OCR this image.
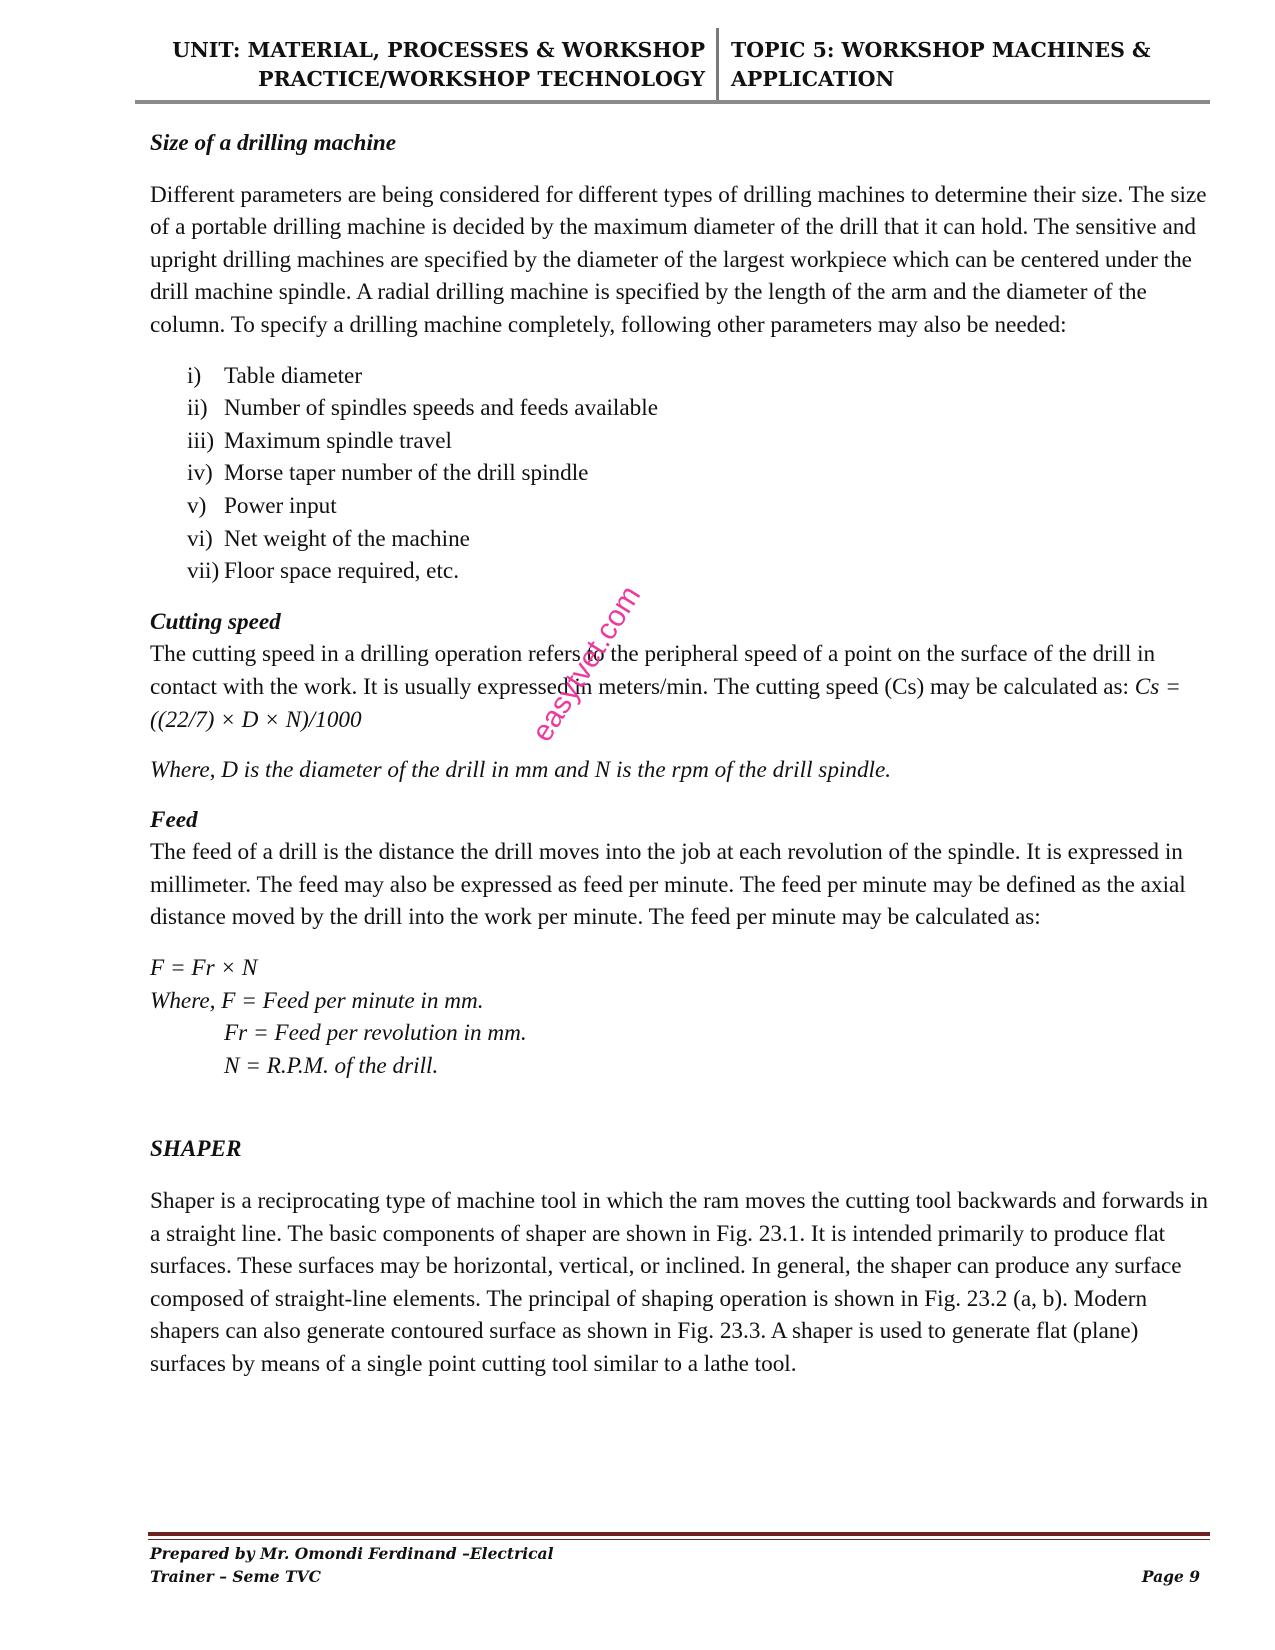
UNIT: MATERIAL, PROCESSES & WORKSHOP
PRACTICE/WORKSHOP TECHNOLOGY
TOPIC 5: WORKSHOP MACHINES &
APPLICATION

Size of a drilling machine

Different parameters are being considered for different types of drilling machines to determine their size. The size of a portable drilling machine is decided by the maximum diameter of the drill that it can hold. The sensitive and upright drilling machines are specified by the diameter of the largest workpiece which can be centered under the drill machine spindle. A radial drilling machine is specified by the length of the arm and the diameter of the column. To specify a drilling machine completely, following other parameters may also be needed:

i) Table diameter
ii) Number of spindles speeds and feeds available
iii) Maximum spindle travel
iv) Morse taper number of the drill spindle
v) Power input
vi) Net weight of the machine
vii) Floor space required, etc.

Cutting speed

The cutting speed in a drilling operation refers to the peripheral speed of a point on the surface of the drill in contact with the work. It is usually expressed in meters/min. The cutting speed (Cs) may be calculated as: Cs = ((22/7) × D × N)/1000

Where, D is the diameter of the drill in mm and N is the rpm of the drill spindle.

Feed

The feed of a drill is the distance the drill moves into the job at each revolution of the spindle. It is expressed in millimeter. The feed may also be expressed as feed per minute. The feed per minute may be defined as the axial distance moved by the drill into the work per minute. The feed per minute may be calculated as:

F = Fr × N

Where, F = Feed per minute in mm.

Fr = Feed per revolution in mm.

N = R.P.M. of the drill.

SHAPER

Shaper is a reciprocating type of machine tool in which the ram moves the cutting tool backwards and forwards in a straight line. The basic components of shaper are shown in Fig. 23.1. It is intended primarily to produce flat surfaces. These surfaces may be horizontal, vertical, or inclined. In general, the shaper can produce any surface composed of straight-line elements. The principal of shaping operation is shown in Fig. 23.2 (a, b). Modern shapers can also generate contoured surface as shown in Fig. 23.3. A shaper is used to generate flat (plane) surfaces by means of a single point cutting tool similar to a lathe tool.

easytvet.com
Prepared by Mr. Omondi Ferdinand –Electrical
Trainer – Seme TVC	Page 9
